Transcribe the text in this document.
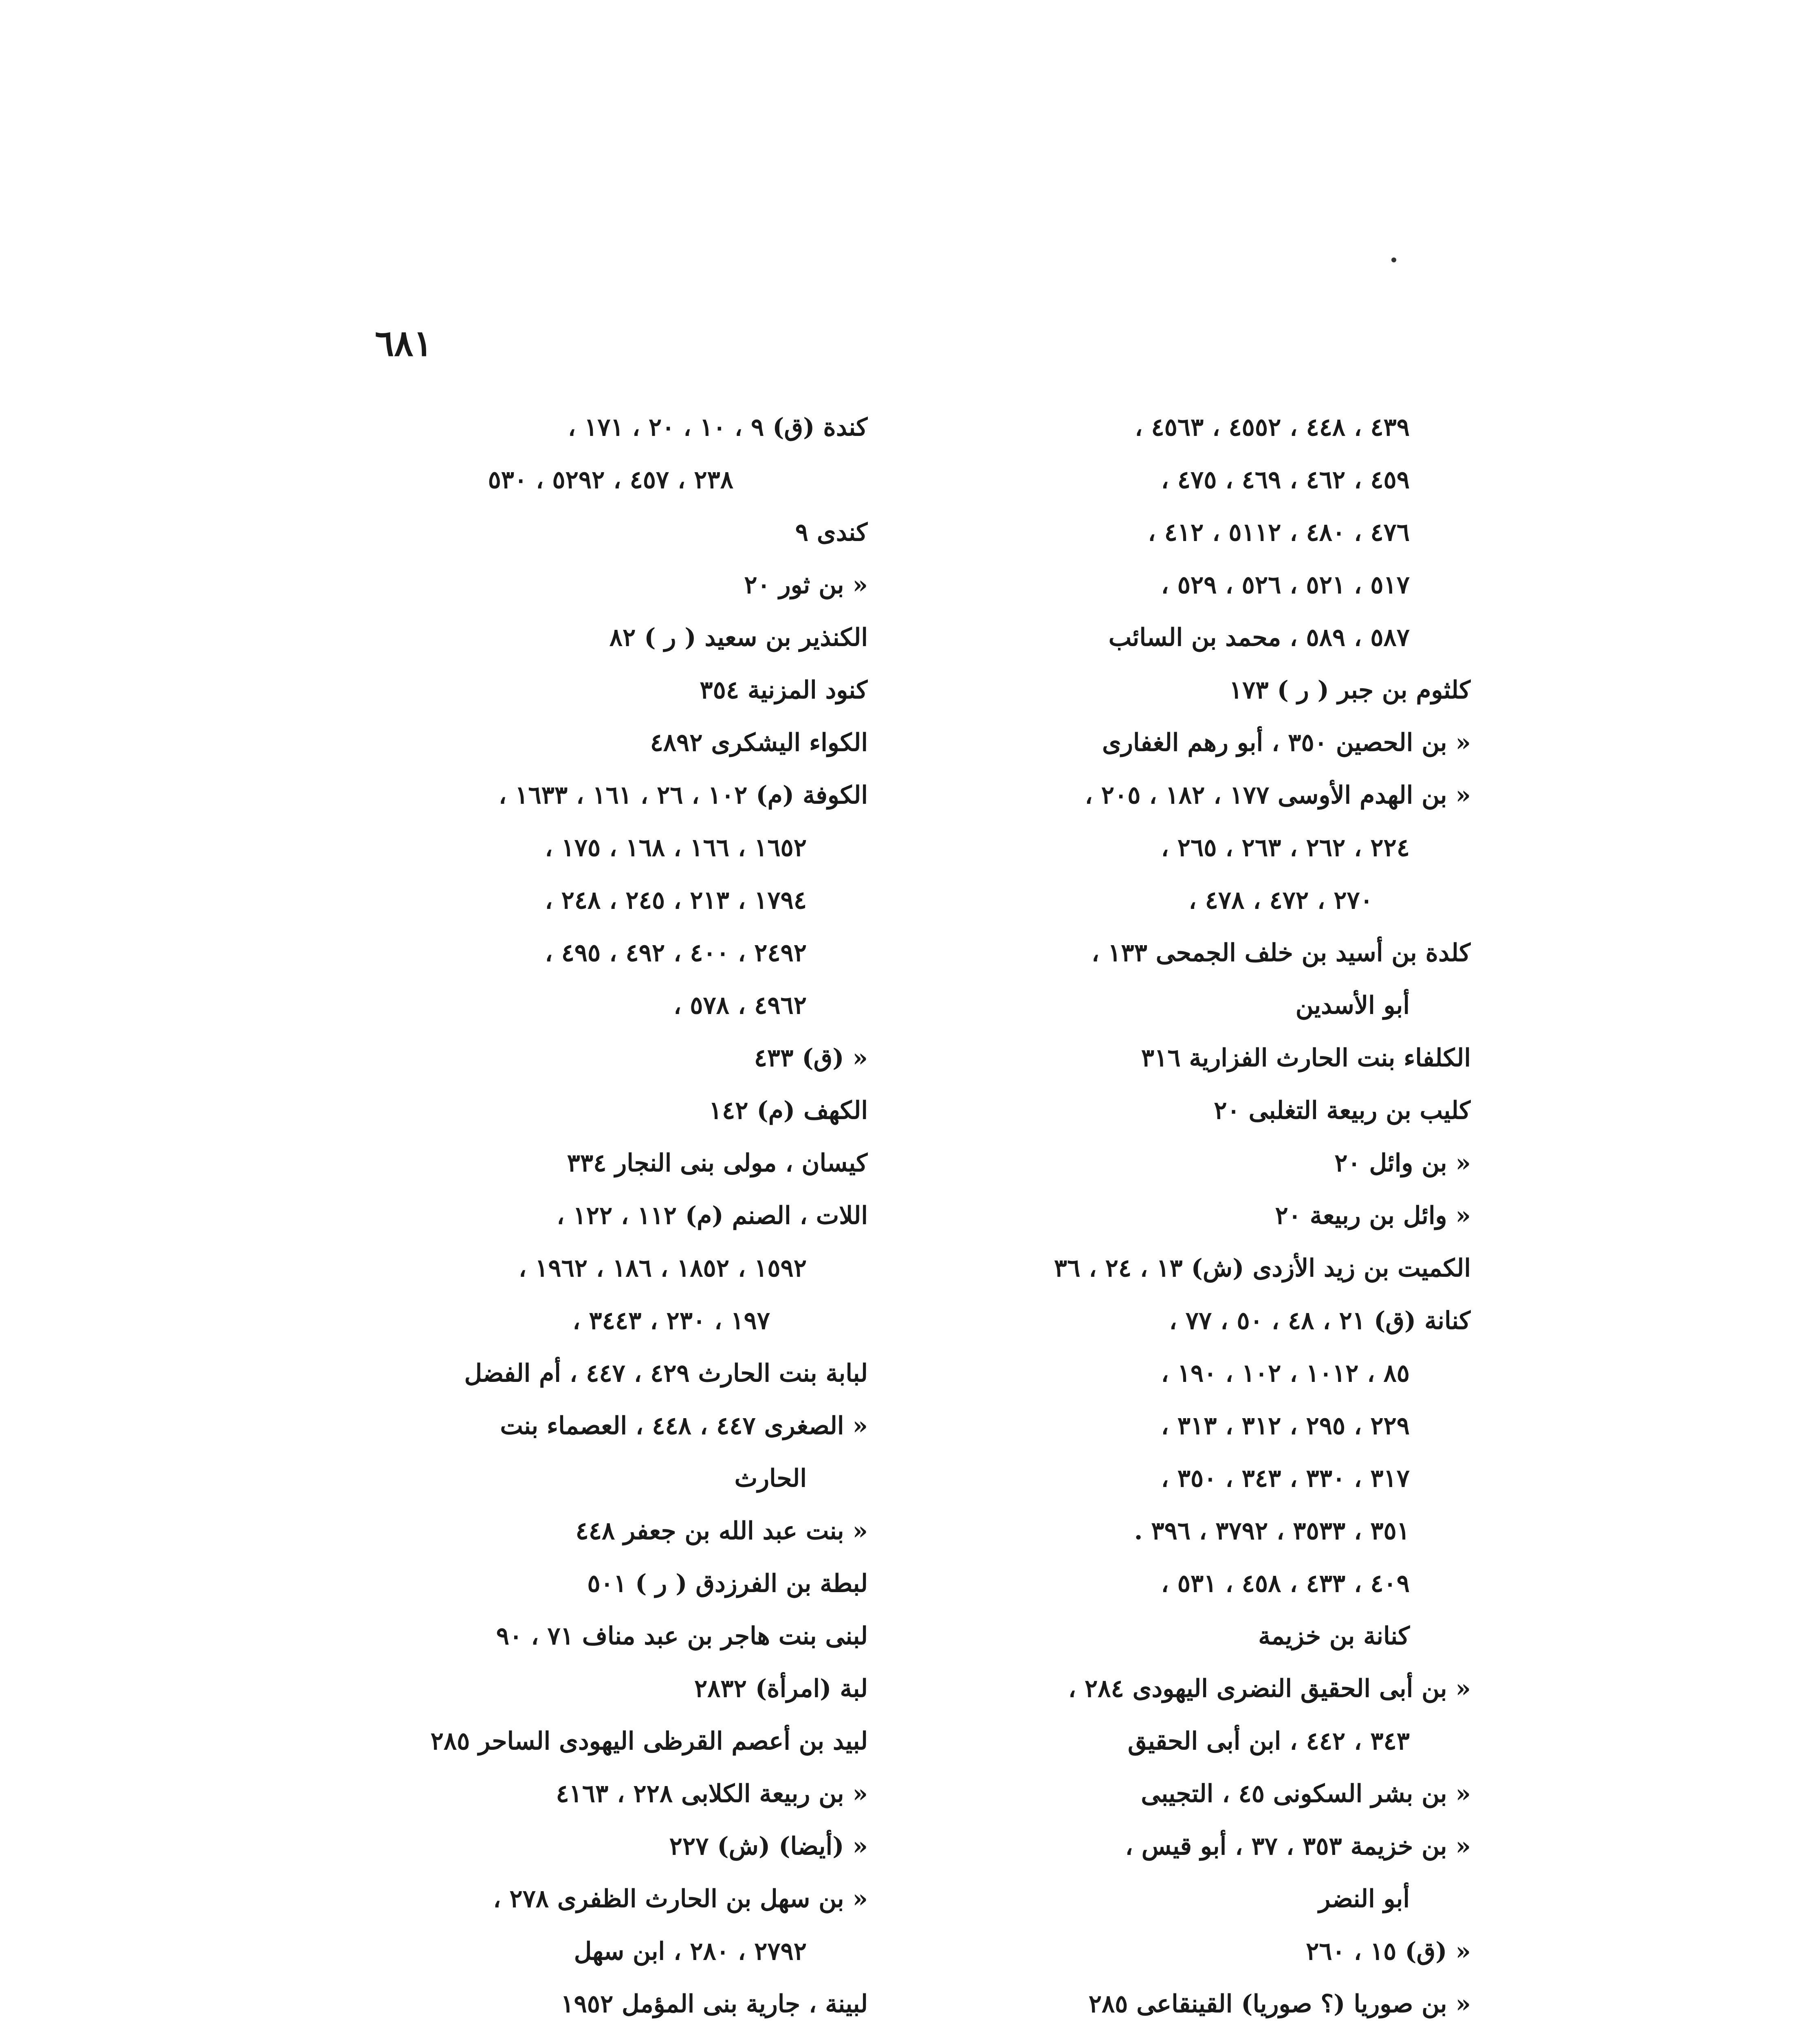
٦٨١
٤٣٩ ، ٤٤٨ ، ٤٥٥٢ ، ٤٥٦٣ ،
٤٥٩ ، ٤٦٢ ، ٤٦٩ ، ٤٧٥ ،
٤٧٦ ، ٤٨٠ ، ٥١١٢ ، ٤١٢ ،
٥١٧ ، ٥٢١ ، ٥٢٦ ، ٥٢٩ ،
٥٨٧ ، ٥٨٩ ، محمد بن السائب
كلثوم بن جبر ( ر ) ١٧٣
« بن الحصين ٣٥٠ ، أبو رهم الغفارى
« بن الهدم الأوسى ١٧٧ ، ١٨٢ ، ٢٠٥ ،
٢٢٤ ، ٢٦٢ ، ٢٦٣ ، ٢٦٥ ،
٢٧٠ ، ٤٧٢ ، ٤٧٨ ،
كلدة بن أسيد بن خلف الجمحى ١٣٣ ،
أبو الأسدين
الكلفاء بنت الحارث الفزارية ٣١٦
كليب بن ربيعة التغلبى ٢٠
« بن وائل ٢٠
« وائل بن ربيعة ٢٠
الكميت بن زيد الأزدى (ش) ١٣ ، ٢٤ ، ٣٦
كنانة (ق) ٢١ ، ٤٨ ، ٥٠ ، ٧٧ ،
٨٥ ، ١٠١٢ ، ١٠٢ ، ١٩٠ ،
٢٢٩ ، ٢٩٥ ، ٣١٢ ، ٣١٣ ،
٣١٧ ، ٣٣٠ ، ٣٤٣ ، ٣٥٠ ،
٣٥١ ، ٣٥٣٣ ، ٣٧٩٢ ، ٣٩٦ .
٤٠٩ ، ٤٣٣ ، ٤٥٨ ، ٥٣١ ،
كنانة بن خزيمة
« بن أبى الحقيق النضرى اليهودى ٢٨٤ ،
٣٤٣ ، ٤٤٢ ، ابن أبى الحقيق
« بن بشر السكونى ٤٥ ، التجيبى
« بن خزيمة ٣٥٣ ، ٣٧ ، أبو قيس ،
أبو النضر
« (ق) ١٥ ، ٢٦٠
« بن صوريا (؟ صوريا) القينقاعى ٢٨٥
كندة (ق) ٩ ، ١٠ ، ٢٠ ، ١٧١ ،
٢٣٨ ، ٤٥٧ ، ٥٢٩٢ ، ٥٣٠
كندى ٩
« بن ثور ٢٠
الكنذير بن سعيد ( ر ) ٨٢
كنود المزنية ٣٥٤
الكواء اليشكرى ٤٨٩٢
الكوفة (م) ١٠٢ ، ٢٦ ، ١٦١ ، ١٦٣٣ ،
١٦٥٢ ، ١٦٦ ، ١٦٨ ، ١٧٥ ،
١٧٩٤ ، ٢١٣ ، ٢٤٥ ، ٢٤٨ ،
٢٤٩٢ ، ٤٠٠ ، ٤٩٢ ، ٤٩٥ ،
٤٩٦٢ ، ٥٧٨ ،
« (ق) ٤٣٣
الكهف (م) ١٤٢
كيسان ، مولى بنى النجار ٣٣٤
اللات ، الصنم (م) ١١٢ ، ١٢٢ ،
١٥٩٢ ، ١٨٥٢ ، ١٨٦ ، ١٩٦٢ ،
١٩٧ ، ٢٣٠ ، ٣٤٤٣ ،
لبابة بنت الحارث ٤٢٩ ، ٤٤٧ ، أم الفضل
« الصغرى ٤٤٧ ، ٤٤٨ ، العصماء بنت
الحارث
« بنت عبد الله بن جعفر ٤٤٨
لبطة بن الفرزدق ( ر ) ٥٠١
لبنى بنت هاجر بن عبد مناف ٧١ ، ٩٠
لبة (امرأة) ٢٨٣٢
لبيد بن أعصم القرظى اليهودى الساحر ٢٨٥
« بن ربيعة الكلابى ٢٢٨ ، ٤١٦٣
« (أيضا) (ش) ٢٢٧
« بن سهل بن الحارث الظفرى ٢٧٨ ،
٢٧٩٢ ، ٢٨٠ ، ابن سهل
لبينة ، جارية بنى المؤمل ١٩٥٢
